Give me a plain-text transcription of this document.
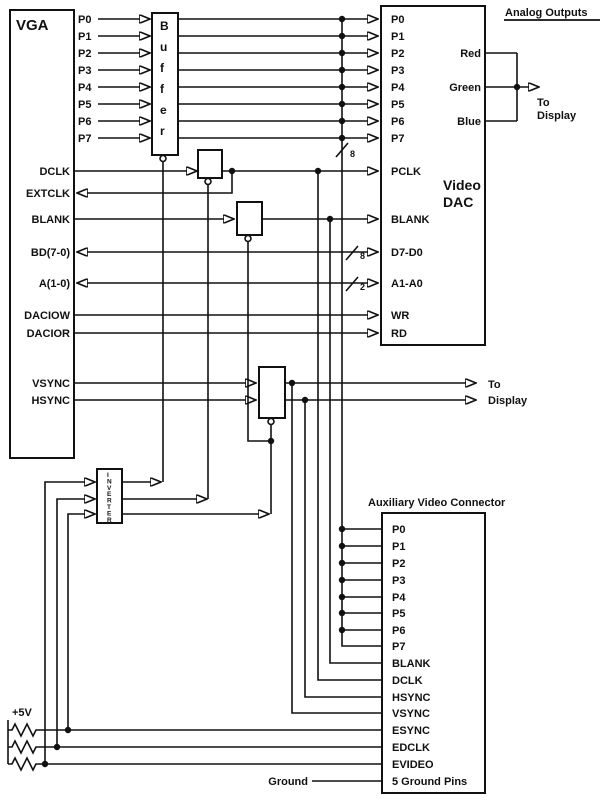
VGA
DCLK
EXTCLK
BLANK
BD(7-0)
A(1-0)
DACIOW
DACIOR
VSYNC
HSYNC
P0
P1
P2
P3
P4
P5
P6
P7
B u f f e r
8
8
2
To
Display
Video
DAC
P0
P1
P2
P3
P4
P5
P6
P7
PCLK
BLANK
D7-D0
A1-A0
WR
RD
Red
Green
Blue
Analog Outputs
To
Display
I N V E R T E R
+5V
Auxiliary Video Connector
P0
P1
P2
P3
P4
P5
P6
P7
BLANK
DCLK
HSYNC
VSYNC
ESYNC
EDCLK
EVIDEO
5 Ground Pins
Ground
